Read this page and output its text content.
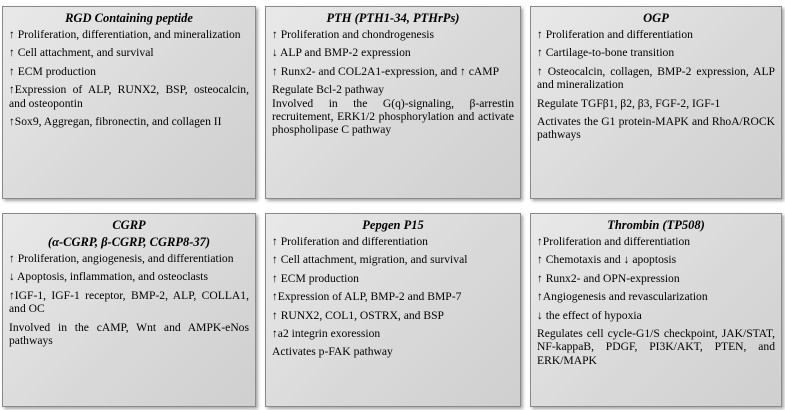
RGD Containing peptide
↑ Proliferation, differentiation, and mineralization
↑ Cell attachment, and survival
↑ ECM production
↑Expression of ALP, RUNX2, BSP, osteocalcin, and osteopontin
↑Sox9, Aggregan, fibronectin, and collagen II
PTH (PTH1-34, PTHrPs)
↑ Proliferation and chondrogenesis
↓ ALP and BMP-2 expression
↑ Runx2- and COL2A1-expression, and ↑ cAMP
Regulate Bcl-2 pathway
Involved in the G(q)-signaling, β-arrestin recruitement, ERK1/2 phosphorylation and activate phospholipase C pathway
OGP
↑ Proliferation and differentiation
↑ Cartilage-to-bone transition
↑ Osteocalcin, collagen, BMP-2 expression, ALP and mineralization
Regulate TGFβ1, β2, β3, FGF-2, IGF-1
Activates the G1 protein-MAPK and RhoA/ROCK pathways
CGRP
(α-CGRP, β-CGRP, CGRP8-37)
↑ Proliferation, angiogenesis, and differentiation
↓ Apoptosis, inflammation, and osteoclasts
↑IGF-1, IGF-1 receptor, BMP-2, ALP, COLLA1, and OC
Involved in the cAMP, Wnt and AMPK-eNos pathways
Pepgen P15
↑ Proliferation and differentiation
↑ Cell attachment, migration, and survival
↑ ECM production
↑Expression of ALP, BMP-2 and BMP-7
↑ RUNX2, COL1, OSTRX, and BSP
↑a2 integrin exoression
Activates p-FAK pathway
Thrombin (TP508)
↑Proliferation and differentiation
↑ Chemotaxis and ↓ apoptosis
↑ Runx2- and OPN-expression
↑Angiogenesis and revascularization
↓ the effect of hypoxia
Regulates cell cycle-G1/S checkpoint, JAK/STAT, NF-kappaB, PDGF, PI3K/AKT, PTEN, and ERK/MAPK
